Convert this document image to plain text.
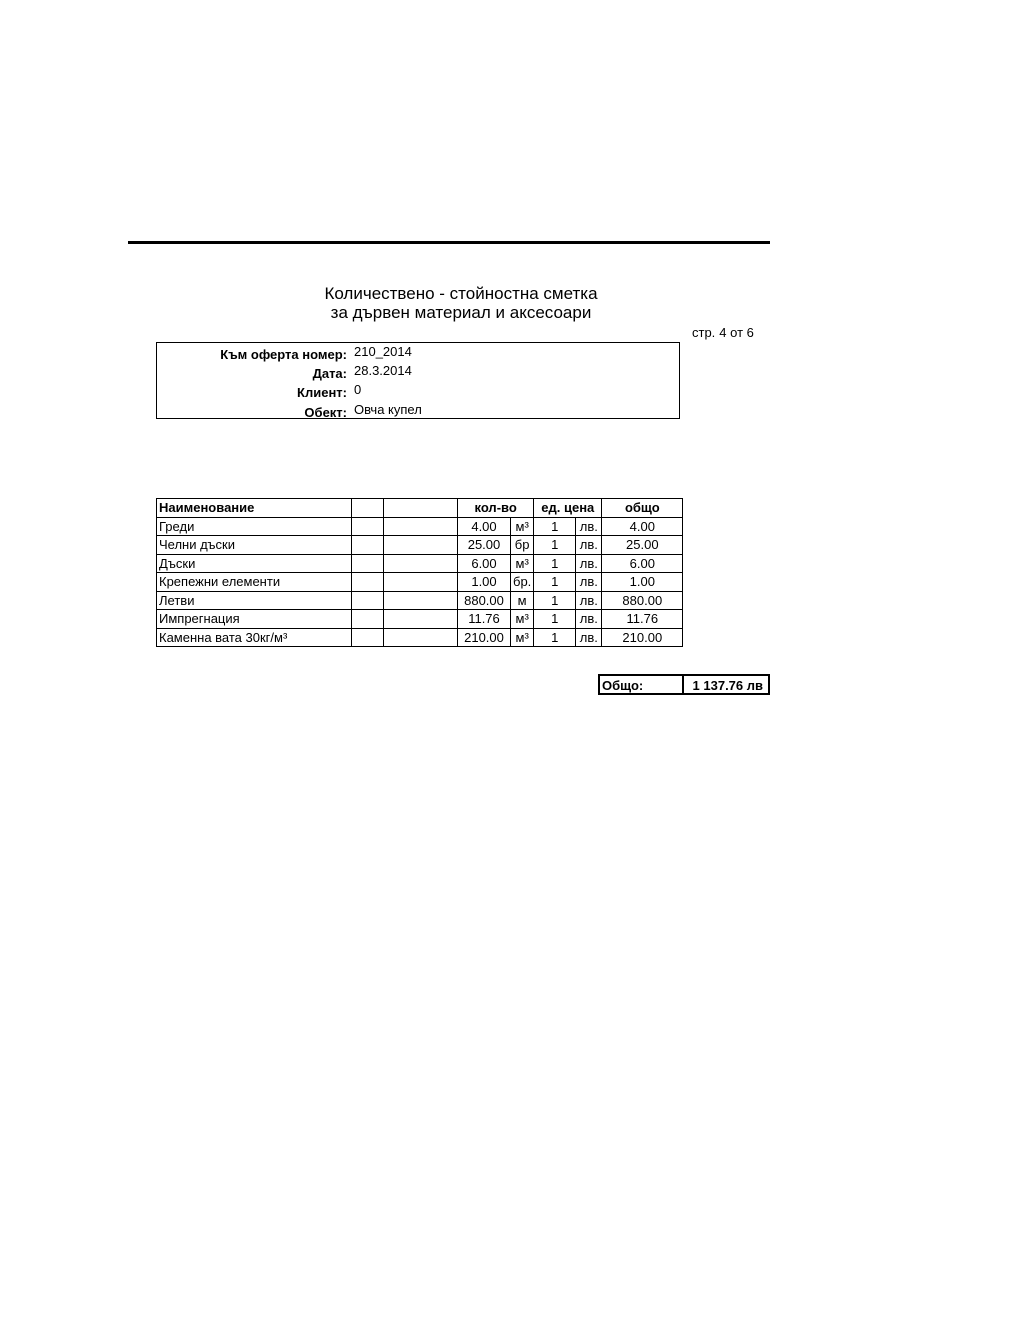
Количествено - стойностна сметка
за дървен материал и аксесоари
стр. 4 от 6
Към оферта номер: 210_2014
Дата: 28.3.2014
Клиент: 0
Обект: Овча купел
Наименование			кол-во		ед. цена		общо
Греди			4.00	м³	1	лв.	4.00
Челни дъски			25.00	бр	1	лв.	25.00
Дъски			6.00	м³	1	лв.	6.00
Крепежни елементи			1.00	бр.	1	лв.	1.00
Летви			880.00	м	1	лв.	880.00
Импрегнация			11.76	м³	1	лв.	11.76
Каменна вата 30кг/м³			210.00	м³	1	лв.	210.00
Общо:	1 137.76 лв
